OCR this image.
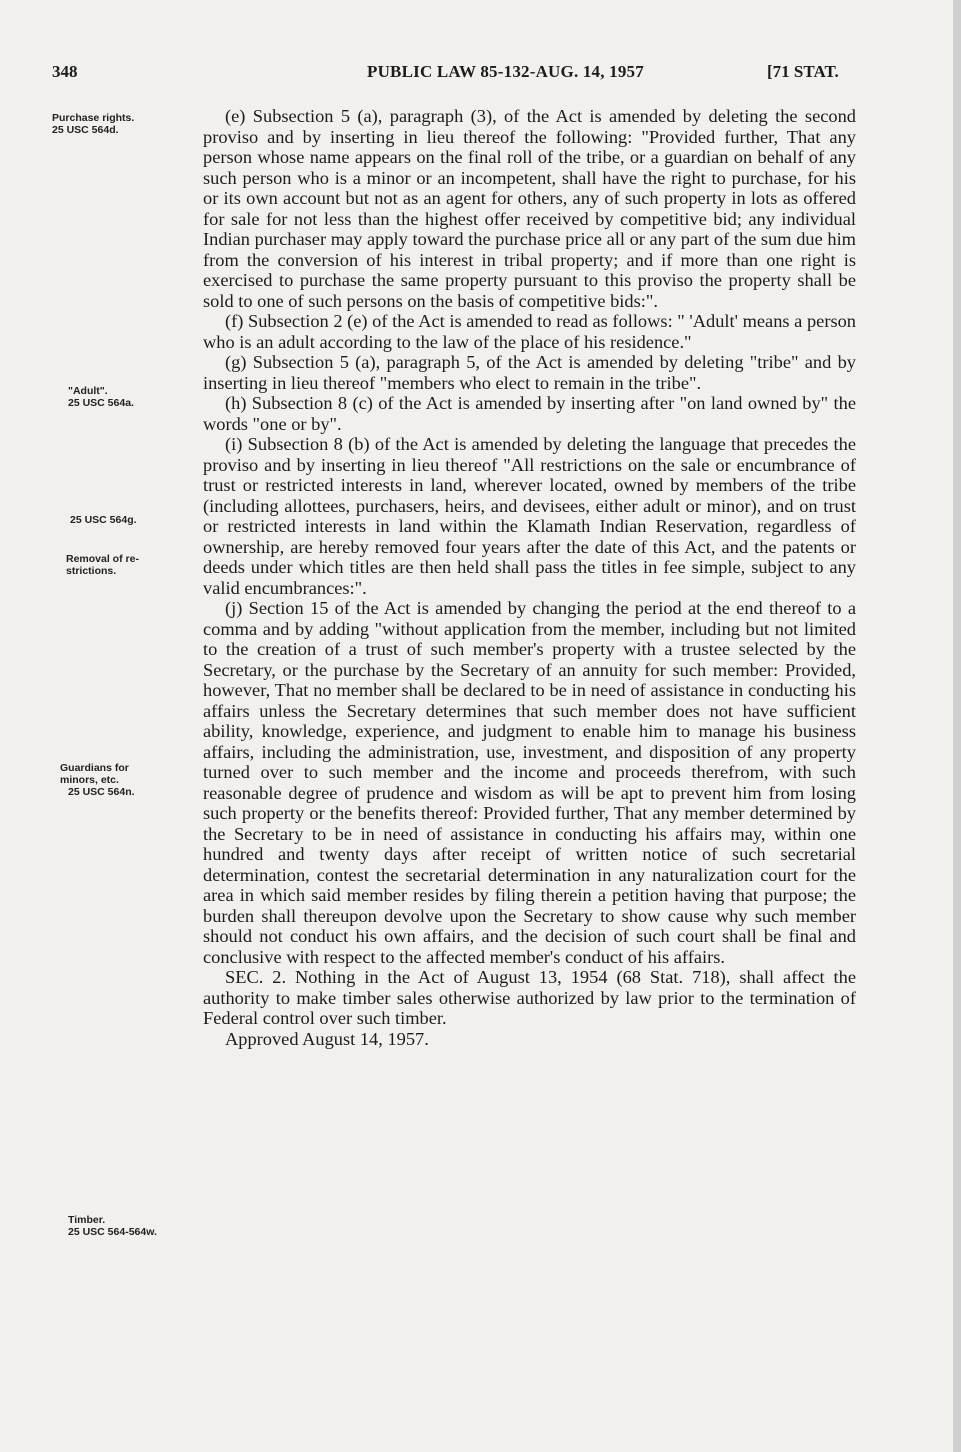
348	PUBLIC LAW 85-132-AUG. 14, 1957	[71 STAT.
Purchase rights.
25 USC 564d.
"Adult".
25 USC 564a.
25 USC 564g.
Removal of re-
strictions.
Guardians for
minors, etc.
25 USC 564n.
Timber.
25 USC 564-564w.

(e) Subsection 5 (a), paragraph (3), of the Act is amended by deleting the second proviso and by inserting in lieu thereof the following: "Provided further, That any person whose name appears on the final roll of the tribe, or a guardian on behalf of any such person who is a minor or an incompetent, shall have the right to purchase, for his or its own account but not as an agent for others, any of such property in lots as offered for sale for not less than the highest offer received by competitive bid; any individual Indian purchaser may apply toward the purchase price all or any part of the sum due him from the conversion of his interest in tribal property; and if more than one right is exercised to purchase the same property pursuant to this proviso the property shall be sold to one of such persons on the basis of competitive bids:".

(f) Subsection 2 (e) of the Act is amended to read as follows: " 'Adult' means a person who is an adult according to the law of the place of his residence."

(g) Subsection 5 (a), paragraph 5, of the Act is amended by deleting "tribe" and by inserting in lieu thereof "members who elect to remain in the tribe".

(h) Subsection 8 (c) of the Act is amended by inserting after "on land owned by" the words "one or by".

(i) Subsection 8 (b) of the Act is amended by deleting the language that precedes the proviso and by inserting in lieu thereof "All restrictions on the sale or encumbrance of trust or restricted interests in land, wherever located, owned by members of the tribe (including allottees, purchasers, heirs, and devisees, either adult or minor), and on trust or restricted interests in land within the Klamath Indian Reservation, regardless of ownership, are hereby removed four years after the date of this Act, and the patents or deeds under which titles are then held shall pass the titles in fee simple, subject to any valid encumbrances:".

(j) Section 15 of the Act is amended by changing the period at the end thereof to a comma and by adding "without application from the member, including but not limited to the creation of a trust of such member's property with a trustee selected by the Secretary, or the purchase by the Secretary of an annuity for such member: Provided, however, That no member shall be declared to be in need of assistance in conducting his affairs unless the Secretary determines that such member does not have sufficient ability, knowledge, experience, and judgment to enable him to manage his business affairs, including the administration, use, investment, and disposition of any property turned over to such member and the income and proceeds therefrom, with such reasonable degree of prudence and wisdom as will be apt to prevent him from losing such property or the benefits thereof: Provided further, That any member determined by the Secretary to be in need of assistance in conducting his affairs may, within one hundred and twenty days after receipt of written notice of such secretarial determination, contest the secretarial determination in any naturalization court for the area in which said member resides by filing therein a petition having that purpose; the burden shall thereupon devolve upon the Secretary to show cause why such member should not conduct his own affairs, and the decision of such court shall be final and conclusive with respect to the affected member's conduct of his affairs.

SEC. 2. Nothing in the Act of August 13, 1954 (68 Stat. 718), shall affect the authority to make timber sales otherwise authorized by law prior to the termination of Federal control over such timber.

Approved August 14, 1957.
